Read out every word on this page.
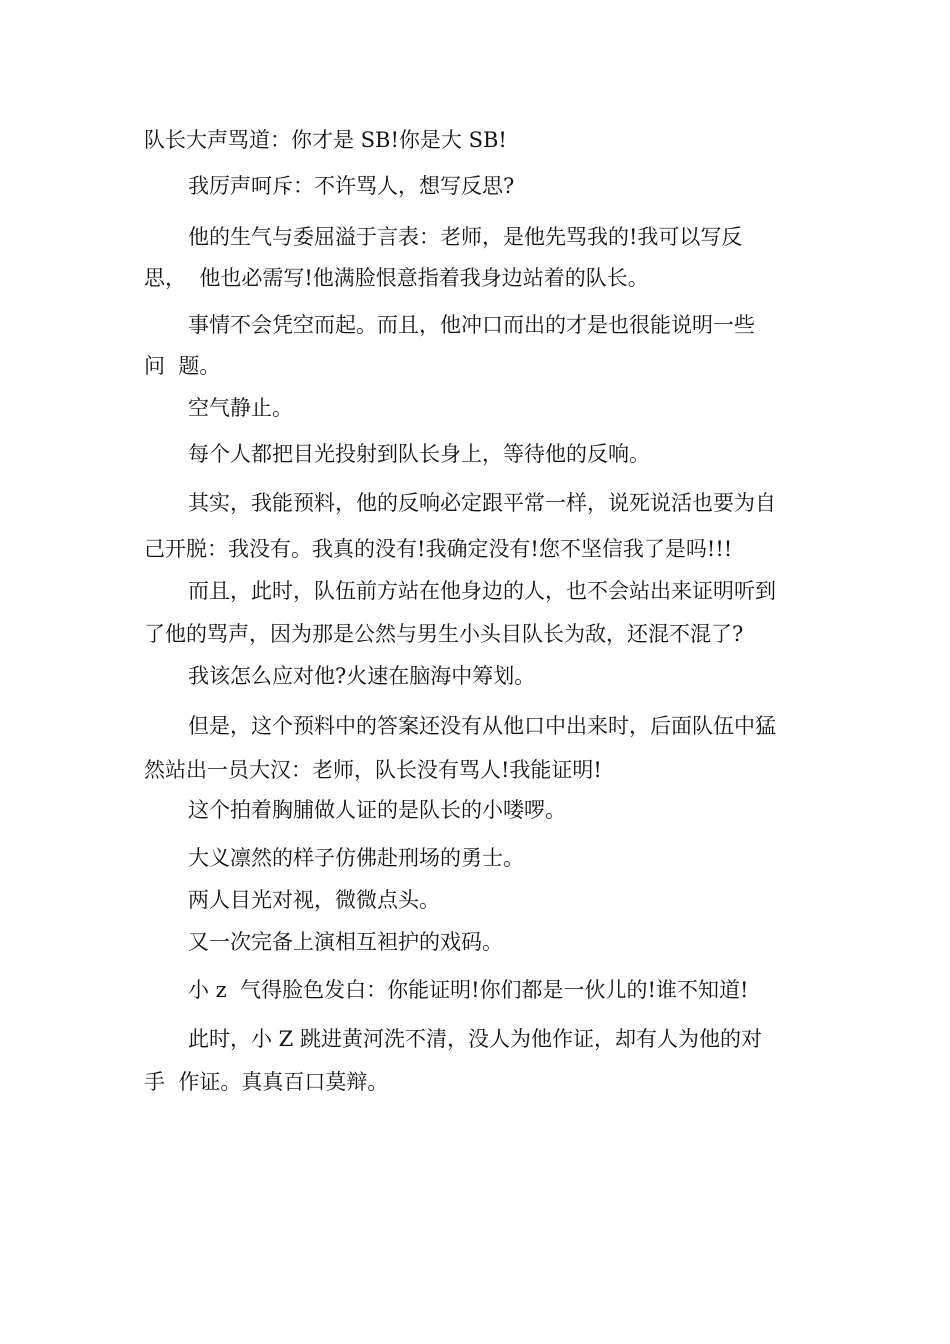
队长大声骂道：你才是 SB!你是大 SB!
我厉声呵斥：不许骂人，想写反思?
他的生气与委屈溢于言表：老师，是他先骂我的!我可以写反
思，  他也必需写!他满脸恨意指着我身边站着的队长。
事情不会凭空而起。而且，他冲口而出的才是也很能说明一些
问  题。
空气静止。
每个人都把目光投射到队长身上，等待他的反响。
其实，我能预料，他的反响必定跟平常一样，说死说活也要为自
己开脱：我没有。我真的没有!我确定没有!您不坚信我了是吗!!!
而且，此时，队伍前方站在他身边的人，也不会站出来证明听到
了他的骂声，因为那是公然与男生小头目队长为敌，还混不混了?
我该怎么应对他?火速在脑海中筹划。
但是，这个预料中的答案还没有从他口中出来时，后面队伍中猛
然站出一员大汉：老师，队长没有骂人!我能证明!
这个拍着胸脯做人证的是队长的小喽啰。
大义凛然的样子仿佛赴刑场的勇士。
两人目光对视，微微点头。
又一次完备上演相互袒护的戏码。
小 z  气得脸色发白：你能证明!你们都是一伙儿的!谁不知道!
此时，小 Z 跳进黄河洗不清，没人为他作证，却有人为他的对
手  作证。真真百口莫辩。
